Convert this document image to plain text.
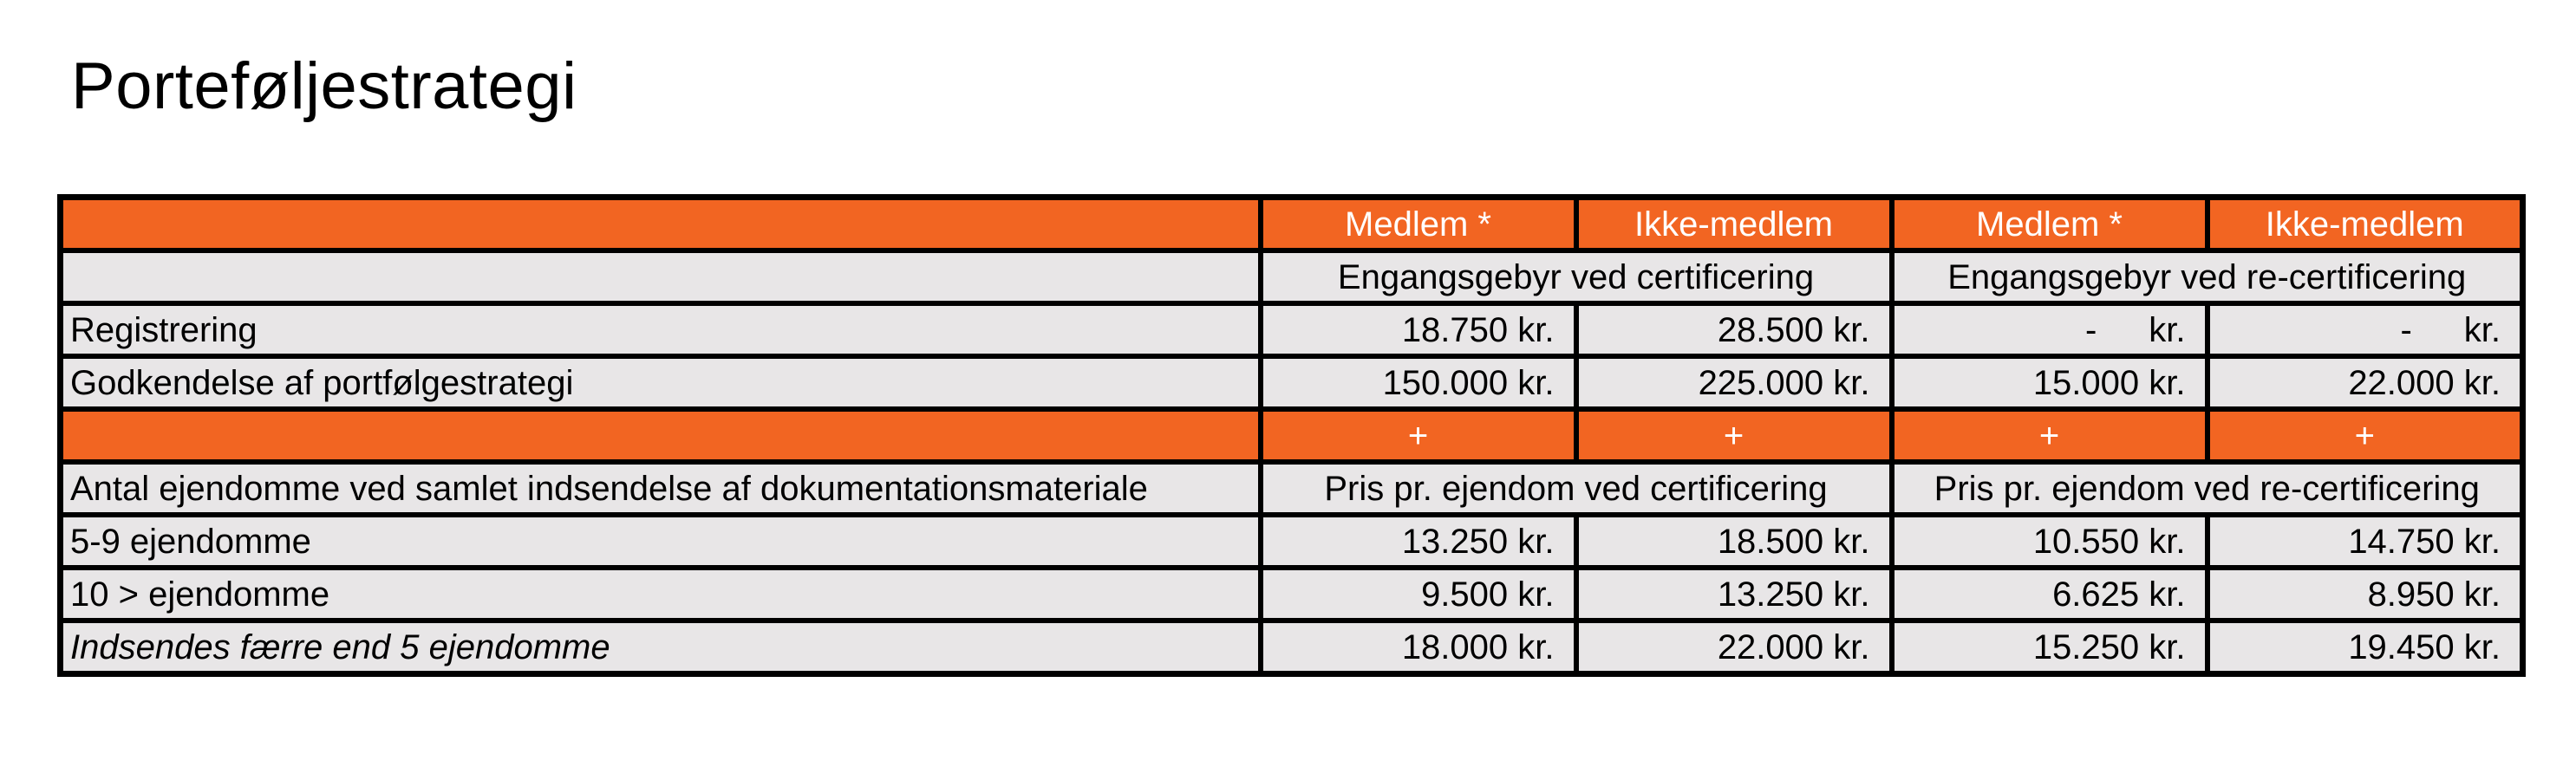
Porteføljestrategi
	Medlem *	Ikke-medlem	Medlem *	Ikke-medlem
	Engangsgebyr ved certificering		Engangsgebyr ved re-certificering	
Registrering	18.750 kr.	28.500 kr.	- kr.	- kr.

Godkendelse af portfølgestrategi	150.000 kr.	225.000 kr.	15.000 kr.	22.000 kr.
	+	+	+	+
Antal ejendomme ved samlet indsendelse af dokumentationsmateriale	Pris pr. ejendom ved certificering		Pris pr. ejendom ved re-certificering	
5-9 ejendomme	13.250 kr.	18.500 kr.	10.550 kr.	14.750 kr.
10 > ejendomme	9.500 kr.	13.250 kr.	6.625 kr.	8.950 kr.
Indsendes færre end 5 ejendomme	18.000 kr.	22.000 kr.	15.250 kr.	19.450 kr.
